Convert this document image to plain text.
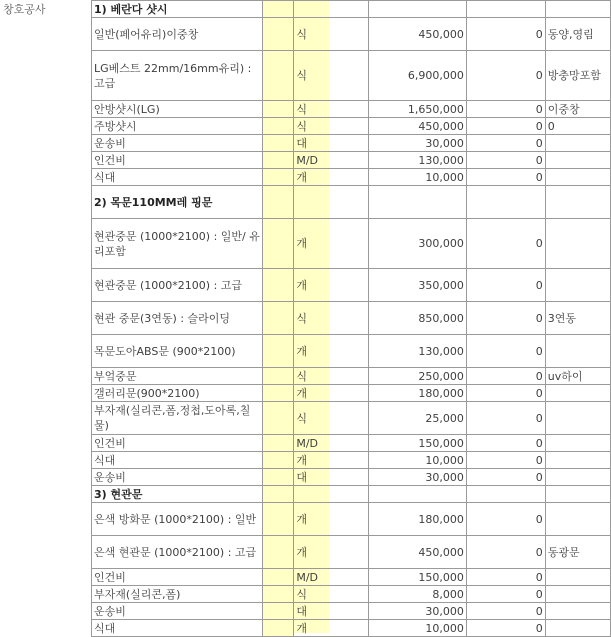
창호공사	1) 베란다 샷시					
일반(페어유리)이중창		식	450,000	0	동양,영림
LG베스트 22mm/16mm유리) : 고급		식	6,900,000	0	방충망포함
안방샷시(LG)		식	1,650,000	0	이중창
주방샷시		식	450,000	0	0
운송비		대	30,000	0	
인건비		M/D	130,000	0	
식대		개	10,000	0	
2) 목문110MM레 핑문					
현관중문 (1000*2100) : 일반/ 유리포함		개	300,000	0	
현관중문 (1000*2100) : 고급		개	350,000	0	
현관 중문(3연동) : 슬라이딩		식	850,000	0	3연동
목문도아ABS문 (900*2100)		개	130,000	0	
부엌중문		식	250,000	0	uv하이
갤러리문(900*2100)		개	180,000	0	
부자재(실리콘,폼,정첩,도아록,칠물)		식	25,000	0	
인건비		M/D	150,000	0	
식대		개	10,000	0	
운송비		대	30,000	0	
3) 현관문					
은색 방화문 (1000*2100) : 일반		개	180,000	0	
은색 현관문 (1000*2100) : 고급		개	450,000	0	동광문
인건비		M/D	150,000	0	
부자재(실리콘,폼)		식	8,000	0	
운송비		대	30,000	0	
식대		개	10,000	0	
